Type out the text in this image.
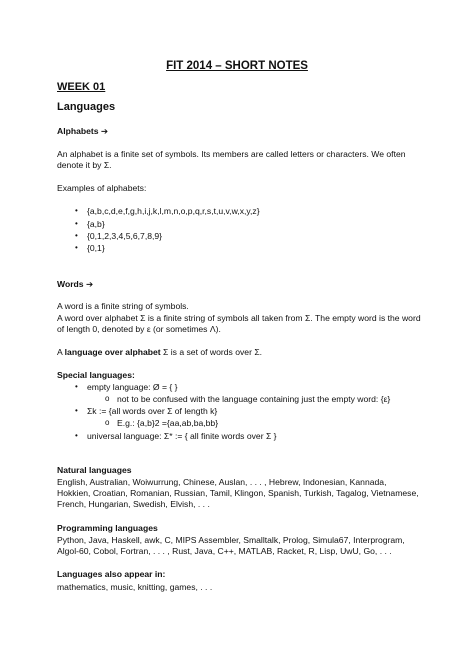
FIT 2014 – SHORT NOTES
WEEK 01
Languages
Alphabets ➔
An alphabet is a finite set of symbols. Its members are called letters or characters. We often denote it by Σ.
Examples of alphabets:
• {a,b,c,d,e,f,g,h,i,j,k,l,m,n,o,p,q,r,s,t,u,v,w,x,y,z}
• {a,b}
• {0,1,2,3,4,5,6,7,8,9}
• {0,1}
Words ➔
A word is a finite string of symbols.
A word over alphabet Σ is a finite string of symbols all taken from Σ. The empty word is the word of length 0, denoted by ε (or sometimes Λ).
A language over alphabet Σ is a set of words over Σ.
Special languages:
• empty language: Ø = { }
o not to be confused with the language containing just the empty word: {ε}
• Σk := {all words over Σ of length k}
o E.g.: {a,b}2 ={aa,ab,ba,bb}
• universal language: Σ* := { all finite words over Σ }
Natural languages
English, Australian, Woiwurrung, Chinese, Auslan, . . . , Hebrew, Indonesian, Kannada, Hokkien, Croatian, Romanian, Russian, Tamil, Klingon, Spanish, Turkish, Tagalog, Vietnamese, French, Hungarian, Swedish, Elvish, . . .
Programming languages
Python, Java, Haskell, awk, C, MIPS Assembler, Smalltalk, Prolog, Simula67, Interprogram, Algol-60, Cobol, Fortran, . . . , Rust, Java, C++, MATLAB, Racket, R, Lisp, UwU, Go, . . .
Languages also appear in:
mathematics, music, knitting, games, . . .
